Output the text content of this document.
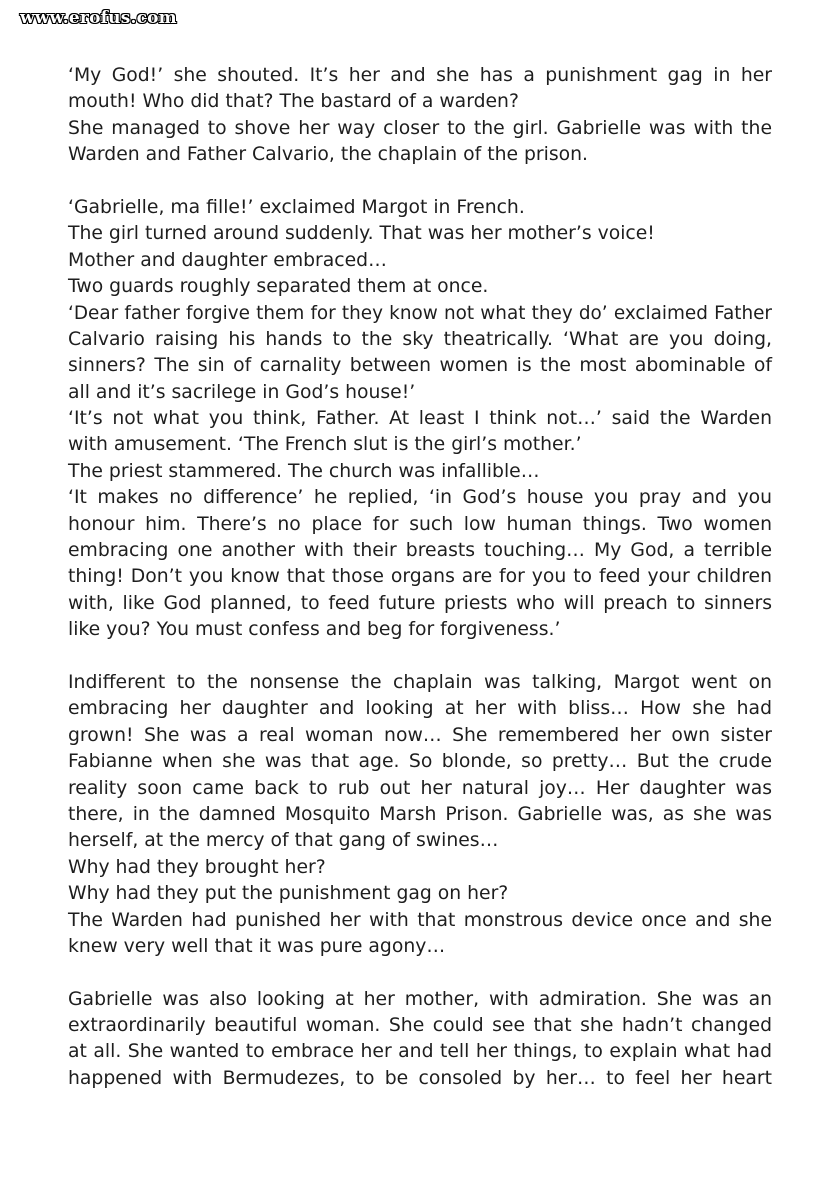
www.erofus.com
‘My God!’ she shouted. It’s her and she has a punishment gag in her
mouth! Who did that? The bastard of a warden?
She managed to shove her way closer to the girl. Gabrielle was with the
Warden and Father Calvario, the chaplain of the prison.
‘Gabrielle, ma fille!’ exclaimed Margot in French.
The girl turned around suddenly. That was her mother’s voice!
Mother and daughter embraced…
Two guards roughly separated them at once.
‘Dear father forgive them for they know not what they do’ exclaimed Father
Calvario raising his hands to the sky theatrically. ‘What are you doing,
sinners? The sin of carnality between women is the most abominable of
all and it’s sacrilege in God’s house!’
‘It’s not what you think, Father. At least I think not…’ said the Warden
with amusement. ‘The French slut is the girl’s mother.’
The priest stammered. The church was infallible…
‘It makes no difference’ he replied, ‘in God’s house you pray and you
honour him. There’s no place for such low human things. Two women
embracing one another with their breasts touching… My God, a terrible
thing! Don’t you know that those organs are for you to feed your children
with, like God planned, to feed future priests who will preach to sinners
like you? You must confess and beg for forgiveness.’
Indifferent to the nonsense the chaplain was talking, Margot went on
embracing her daughter and looking at her with bliss… How she had
grown! She was a real woman now… She remembered her own sister
Fabianne when she was that age. So blonde, so pretty… But the crude
reality soon came back to rub out her natural joy… Her daughter was
there, in the damned Mosquito Marsh Prison. Gabrielle was, as she was
herself, at the mercy of that gang of swines…
Why had they brought her?
Why had they put the punishment gag on her?
The Warden had punished her with that monstrous device once and she
knew very well that it was pure agony…
Gabrielle was also looking at her mother, with admiration. She was an
extraordinarily beautiful woman. She could see that she hadn’t changed
at all. She wanted to embrace her and tell her things, to explain what had
happened with Bermudezes, to be consoled by her… to feel her heart
